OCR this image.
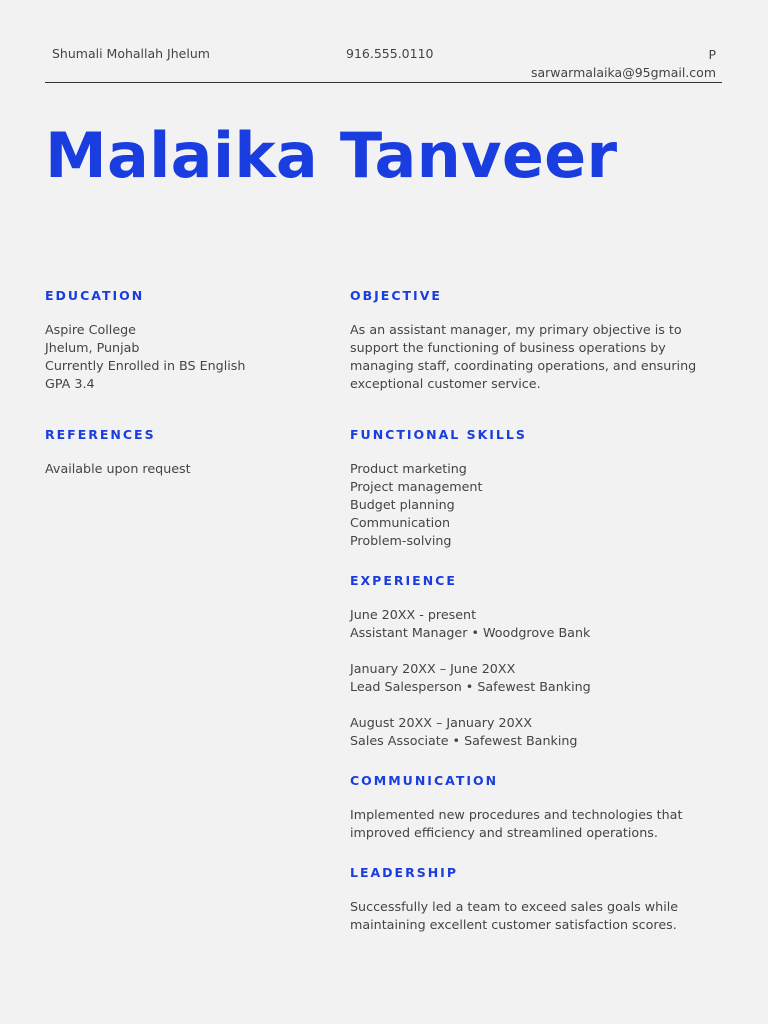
Shumali Mohallah Jhelum	916.555.0110	P
sarwarmalaika@95gmail.com
Malaika Tanveer
EDUCATION
Aspire College
Jhelum, Punjab
Currently Enrolled in BS English
GPA 3.4
REFERENCES
Available upon request
OBJECTIVE
As an assistant manager, my primary objective is to
support the functioning of business operations by
managing staff, coordinating operations, and ensuring
exceptional customer service.
FUNCTIONAL SKILLS
Product marketing
Project management
Budget planning
Communication
Problem-solving
EXPERIENCE
June 20XX - present
Assistant Manager • Woodgrove Bank
January 20XX – June 20XX
Lead Salesperson • Safewest Banking
August 20XX – January 20XX
Sales Associate • Safewest Banking
COMMUNICATION
Implemented new procedures and technologies that
improved efficiency and streamlined operations.
LEADERSHIP
Successfully led a team to exceed sales goals while
maintaining excellent customer satisfaction scores.
